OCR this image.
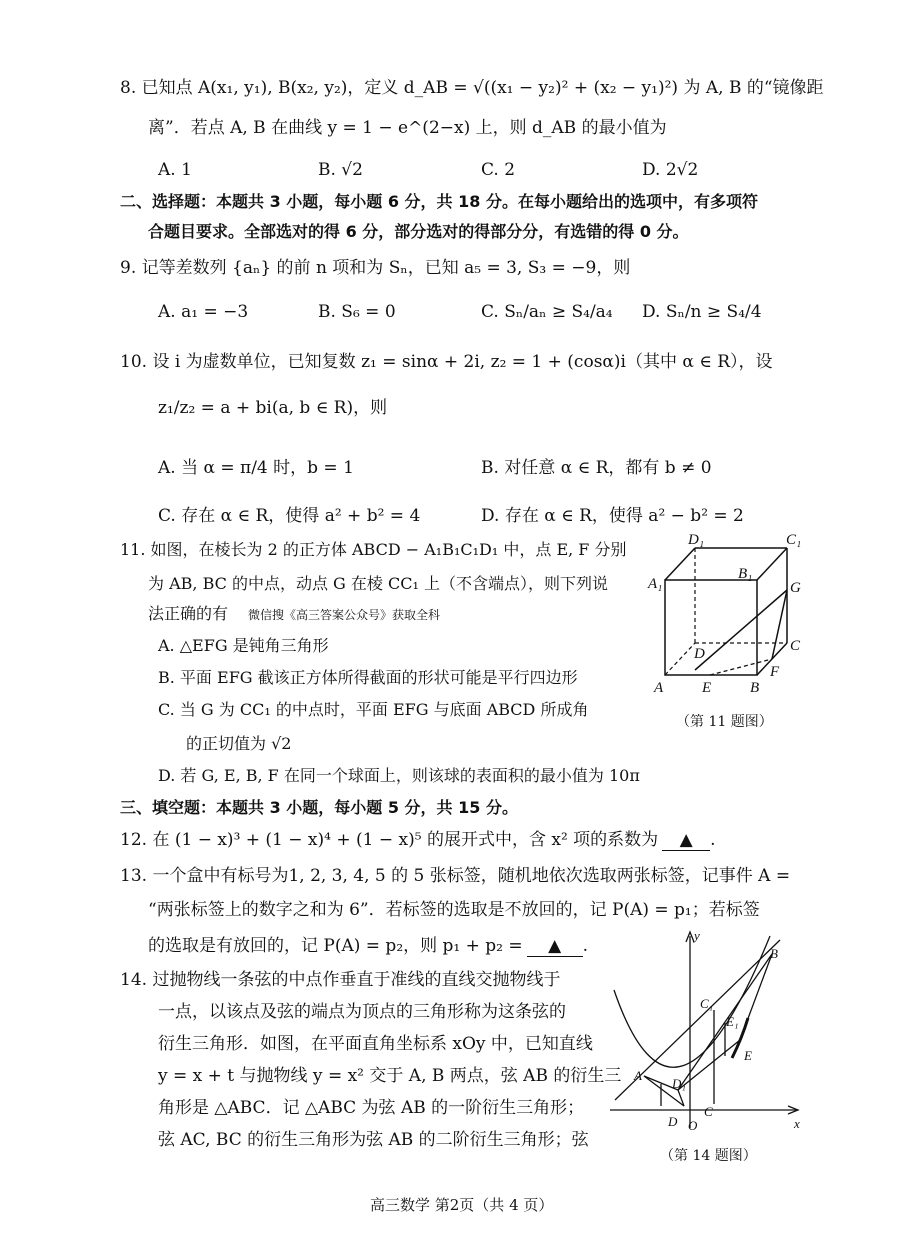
8. 已知点 A(x₁, y₁), B(x₂, y₂)，定义 d_AB = √((x₁ − y₂)² + (x₂ − y₁)²) 为 A, B 的“镜像距
离”．若点 A, B 在曲线 y = 1 − e^(2−x) 上，则 d_AB 的最小值为
A. 1	B. √2	C. 2	D. 2√2
二、选择题：本题共 3 小题，每小题 6 分，共 18 分。在每小题给出的选项中，有多项符
合题目要求。全部选对的得 6 分，部分选对的得部分分，有选错的得 0 分。
9. 记等差数列 {aₙ} 的前 n 项和为 Sₙ，已知 a₅ = 3, S₃ = −9，则
A. a₁ = −3	B. S₆ = 0	C. Sₙ/aₙ ≥ S₄/a₄ D. Sₙ/n ≥ S₄/4
10. 设 i 为虚数单位，已知复数 z₁ = sinα + 2i, z₂ = 1 + (cosα)i（其中 α ∈ R），设
z₁/z₂ = a + bi(a, b ∈ R)，则
A. 当 α = π/4 时，b = 1	B. 对任意 α ∈ R，都有 b ≠ 0
C. 存在 α ∈ R，使得 a² + b² = 4	D. 存在 α ∈ R，使得 a² − b² = 2
11. 如图，在棱长为 2 的正方体 ABCD − A₁B₁C₁D₁ 中，点 E, F 分别
为 AB, BC 的中点，动点 G 在棱 CC₁ 上（不含端点），则下列说
法正确的有 微信搜《高三答案公众号》获取全科
A. △EFG 是钝角三角形
B. 平面 EFG 截该正方体所得截面的形状可能是平行四边形
C. 当 G 为 CC₁ 的中点时，平面 EFG 与底面 ABCD 所成角
的正切值为 √2
D. 若 G, E, B, F 在同一个球面上，则该球的表面积的最小值为 10π
D₁	C₁
A₁
B₁
G
D	C
F
A	E	B
（第 11 题图）
三、填空题：本题共 3 小题，每小题 5 分，共 15 分。
12. 在 (1 − x)³ + (1 − x)⁴ + (1 − x)⁵ 的展开式中，含 x² 项的系数为 ▲ .
13. 一个盒中有标号为1, 2, 3, 4, 5 的 5 张标签，随机地依次选取两张标签，记事件 A =
“两张标签上的数字之和为 6”．若标签的选取是不放回的，记 P(A) = p₁；若标签
的选取是有放回的，记 P(A) = p₂，则 p₁ + p₂ = ▲ .
14. 过抛物线一条弦的中点作垂直于准线的直线交抛物线于
一点，以该点及弦的端点为顶点的三角形称为这条弦的
衍生三角形．如图，在平面直角坐标系 xOy 中，已知直线
y = x + t 与抛物线 y = x² 交于 A, B 两点，弦 AB 的衍生三
角形是 △ABC．记 △ABC 为弦 AB 的一阶衍生三角形；
弦 AC, BC 的衍生三角形为弦 AB 的二阶衍生三角形；弦
y
x
O
B
C₁
E₁
E
A
D₁
D
C
（第 14 题图）
高三数学 第2页（共 4 页）
